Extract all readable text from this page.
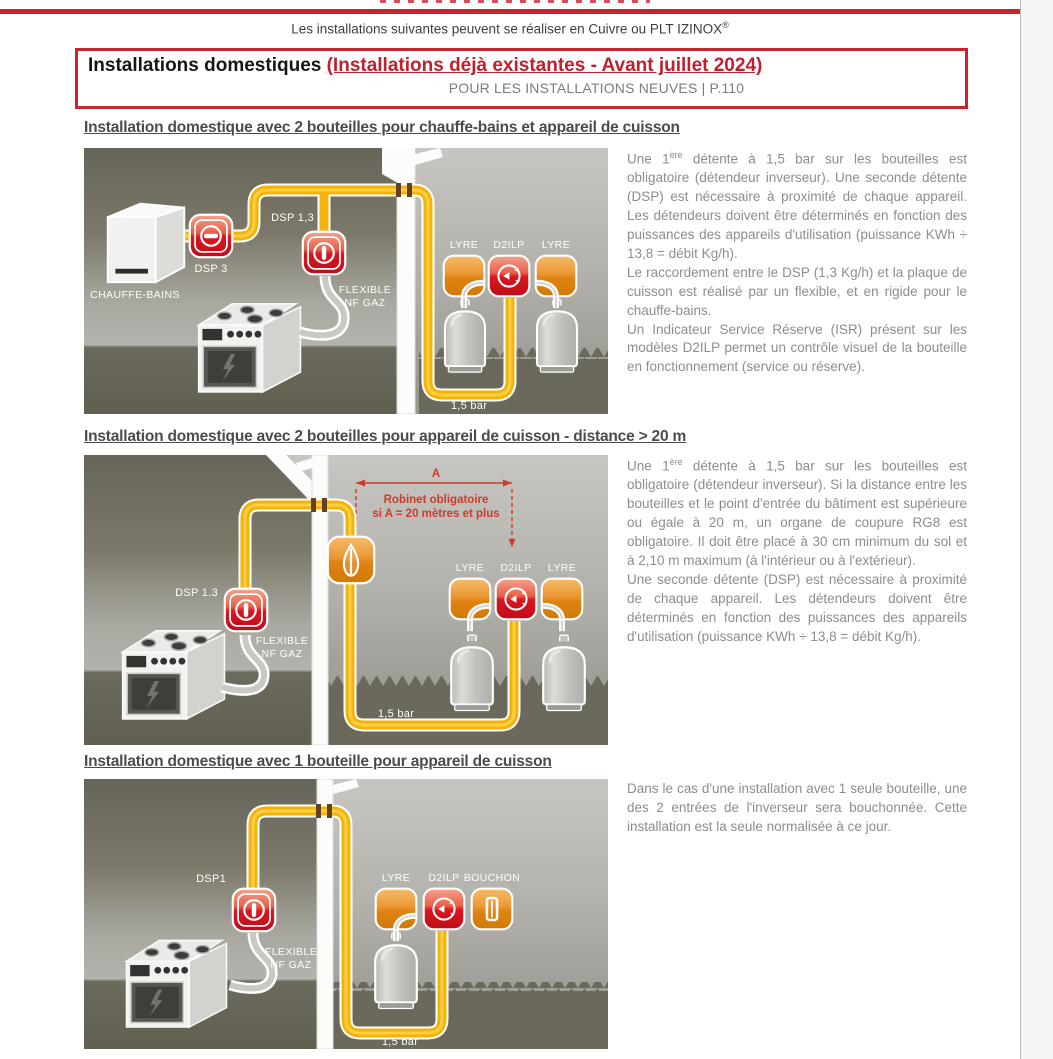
Les installations suivantes peuvent se réaliser en Cuivre ou PLT IZINOX®
Installations domestiques (Installations déjà existantes - Avant juillet 2024)
POUR LES INSTALLATIONS NEUVES | P.110
Installation domestique avec 2 bouteilles pour chauffe-bains et appareil de cuisson

Une 1ère détente à 1,5 bar sur les bouteilles est obligatoire (détendeur inverseur). Une seconde détente (DSP) est nécessaire à proximité de chaque appareil. Les détendeurs doivent être déterminés en fonction des puissances des appareils d'utilisation (puissance KWh ÷ 13,8 = débit Kg/h).

Le raccordement entre le DSP (1,3 Kg/h) et la plaque de cuisson est réalisé par un flexible, et en rigide pour le chauffe-bains.

Un Indicateur Service Réserve (ISR) présent sur les modèles D2ILP permet un contrôle visuel de la bouteille en fonctionnement (service ou réserve).

CHAUFFE-BAINS
DSP 3
DSP 1,3
FLEXIBLE
NF GAZ
LYRE D2ILP LYRE
1,5 bar
Installation domestique avec 2 bouteilles pour appareil de cuisson - distance > 20 m

Une 1ère détente à 1,5 bar sur les bouteilles est obligatoire (détendeur inverseur). Si la distance entre les bouteilles et le point d'entrée du bâtiment est supérieure ou égale à 20 m, un organe de coupure RG8 est obligatoire. Il doit être placé à 30 cm minimum du sol et à 2,10 m maximum (à l'intérieur ou à l'extérieur).

Une seconde détente (DSP) est nécessaire à proximité de chaque appareil. Les détendeurs doivent être déterminés en fonction des puissances des appareils d'utilisation (puissance KWh ÷ 13,8 = débit Kg/h).

A
Robinet obligatoire
si A = 20 mètres et plus
DSP 1.3
FLEXIBLE
NF GAZ
LYRE D2ILP LYRE
1,5 bar
Installation domestique avec 1 bouteille pour appareil de cuisson

Dans le cas d'une installation avec 1 seule bouteille, une des 2 entrées de l'inverseur sera bouchonnée. Cette installation est la seule normalisée à ce jour.

DSP1
FLEXIBLE
NF GAZ
LYRE D2ILP BOUCHON
1,5 bar
